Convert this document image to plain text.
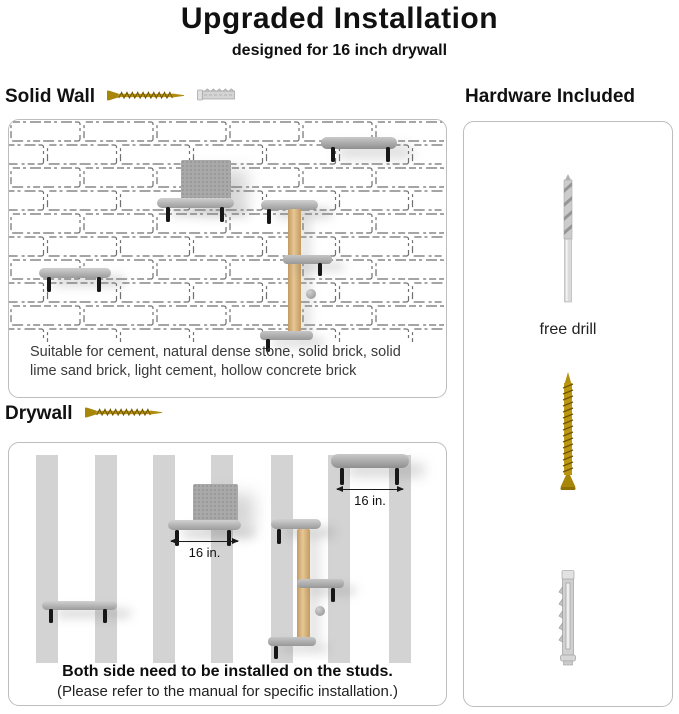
Upgraded Installation
designed for 16 inch drywall
Solid Wall	Hardware Included
Suitable for cement, natural dense stone, solid brick, solid lime sand brick, light cement, hollow concrete brick
Drywall
16 in.
16 in.
Both side need to be installed on the studs.
(Please refer to the manual for specific installation.)
free drill
